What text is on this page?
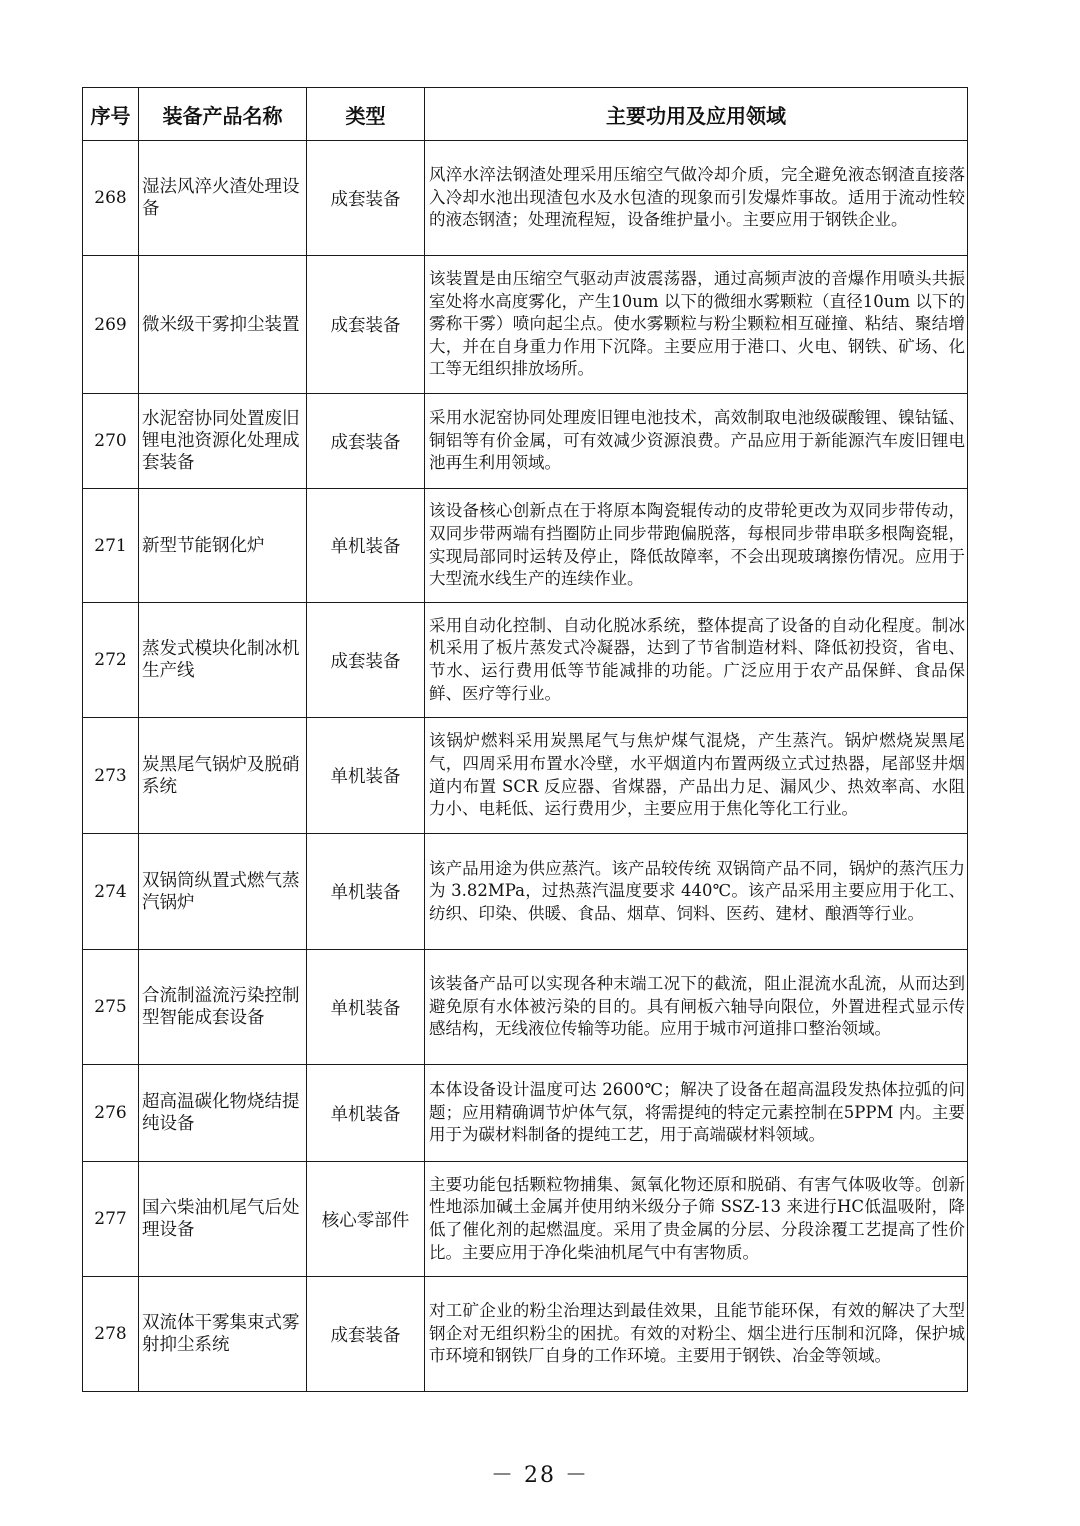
序号	装备产品名称	类型	主要功用及应用领域
268	湿法风淬火渣处理设备	成套装备	风淬水淬法钢渣处理采用压缩空气做冷却介质，完全避免液态钢渣直接落入冷却水池出现渣包水及水包渣的现象而引发爆炸事故。适用于流动性较的液态钢渣；处理流程短，设备维护量小。主要应用于钢铁企业。
269	微米级干雾抑尘装置	成套装备	该装置是由压缩空气驱动声波震荡器，通过高频声波的音爆作用喷头共振室处将水高度雾化，产生10um 以下的微细水雾颗粒（直径10um 以下的雾称干雾）喷向起尘点。使水雾颗粒与粉尘颗粒相互碰撞、粘结、聚结增大，并在自身重力作用下沉降。主要应用于港口、火电、钢铁、矿场、化工等无组织排放场所。
270	水泥窑协同处置废旧锂电池资源化处理成套装备	成套装备	采用水泥窑协同处理废旧锂电池技术，高效制取电池级碳酸锂、镍钴锰、铜铝等有价金属，可有效减少资源浪费。产品应用于新能源汽车废旧锂电池再生利用领域。
271	新型节能钢化炉	单机装备	该设备核心创新点在于将原本陶瓷辊传动的皮带轮更改为双同步带传动，双同步带两端有挡圈防止同步带跑偏脱落，每根同步带串联多根陶瓷辊，实现局部同时运转及停止，降低故障率，不会出现玻璃擦伤情况。应用于大型流水线生产的连续作业。
272	蒸发式模块化制冰机生产线	成套装备	采用自动化控制、自动化脱冰系统，整体提高了设备的自动化程度。制冰机采用了板片蒸发式冷凝器，达到了节省制造材料、降低初投资，省电、节水、运行费用低等节能减排的功能。广泛应用于农产品保鲜、食品保鲜、医疗等行业。
273	炭黑尾气锅炉及脱硝系统	单机装备	该锅炉燃料采用炭黑尾气与焦炉煤气混烧，产生蒸汽。锅炉燃烧炭黑尾气，四周采用布置水冷壁，水平烟道内布置两级立式过热器，尾部竖井烟道内布置 SCR 反应器、省煤器，产品出力足、漏风少、热效率高、水阻力小、电耗低、运行费用少，主要应用于焦化等化工行业。
274	双锅筒纵置式燃气蒸汽锅炉	单机装备	该产品用途为供应蒸汽。该产品较传统 双锅筒产品不同，锅炉的蒸汽压力为 3.82MPa，过热蒸汽温度要求 440℃。该产品采用主要应用于化工、纺织、印染、供暖、食品、烟草、饲料、医药、建材、酿酒等行业。
275	合流制溢流污染控制型智能成套设备	单机装备	该装备产品可以实现各种末端工况下的截流，阻止混流水乱流，从而达到避免原有水体被污染的目的。具有闸板六轴导向限位，外置进程式显示传感结构，无线液位传输等功能。应用于城市河道排口整治领域。
276	超高温碳化物烧结提纯设备	单机装备	本体设备设计温度可达 2600℃；解决了设备在超高温段发热体拉弧的问题；应用精确调节炉体气氛，将需提纯的特定元素控制在5PPM 内。主要用于为碳材料制备的提纯工艺，用于高端碳材料领域。
277	国六柴油机尾气后处理设备	核心零部件	主要功能包括颗粒物捕集、氮氧化物还原和脱硝、有害气体吸收等。创新性地添加碱土金属并使用纳米级分子筛 SSZ-13 来进行HC低温吸附，降低了催化剂的起燃温度。采用了贵金属的分层、分段涂覆工艺提高了性价比。主要应用于净化柴油机尾气中有害物质。
278	双流体干雾集束式雾射抑尘系统	成套装备	对工矿企业的粉尘治理达到最佳效果，且能节能环保，有效的解决了大型钢企对无组织粉尘的困扰。有效的对粉尘、烟尘进行压制和沉降，保护城市环境和钢铁厂自身的工作环境。主要用于钢铁、冶金等领域。
－ 28 －
